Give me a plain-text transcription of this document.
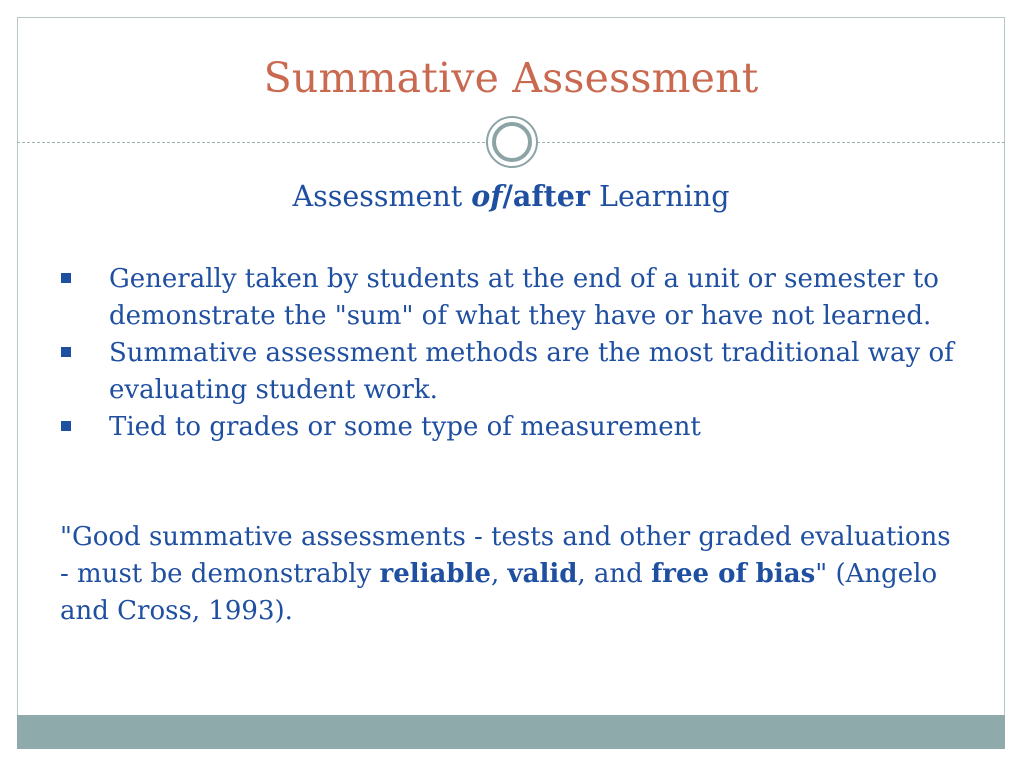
Summative Assessment
Assessment of/after Learning
Generally taken by students at the end of a unit or semester to demonstrate the "sum" of what they have or have not learned.
Summative assessment methods are the most traditional way of evaluating student work.
Tied to grades or some type of measurement

"Good summative assessments - tests and other graded evaluations - must be demonstrably reliable, valid, and free of bias" (Angelo and Cross, 1993).
